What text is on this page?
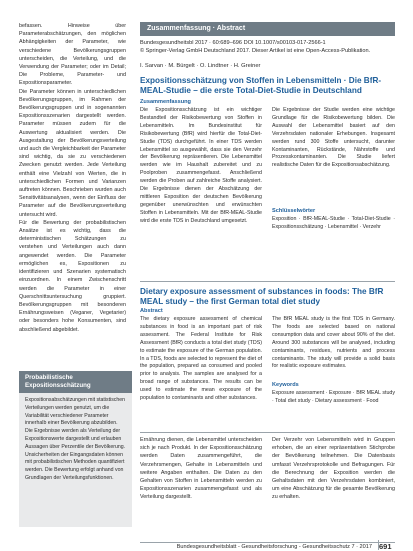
befassen. Hinweise über Parameterabschätzungen, den möglichen Abhängigkeiten der Parameter, wie verschiedene Bevölkerungsgruppen unterscheiden, die Verteilung, und die Verwendung der Parameter; oder im Detail; Die Probleme, Parameter- und Expositionsparameter.

Die Parameter können in unterschiedlichen Bevölkerungsgruppen, im Rahmen der Bevölkerungsgruppen und in sogenannten Expositionsszenarien dargestellt werden. Parameter müssen zudem für die Auswertung aktualisiert werden. Die Ausgestaltung der Bevölkerungsverteilung und auch die Vergleichbarkeit der Parameter sind wichtig, da sie zu verschiedenen Zwecken genutzt werden. Jede Verteilung enthält eine Vielzahl von Werten, die in unterschiedlichen Formen und Varianzen auftreten können. Beschrieben wurden auch Sensitivitätsanalysen, wenn der Einfluss der Parameter auf die Bevölkerungsverteilung untersucht wird.

Für die Bewertung der probabilistischen Ansätze ist es wichtig, dass die deterministischen Schätzungen zu verstehen und Verteilungen auch dann angewendet werden. Die Parameter ermöglichen es, Expositionen zu identifizieren und Szenarien systematisch einzuordnen. In einem Zwischenschritt werden die Parameter in einer Querschnittsuntersuchung gruppiert. Bevölkerungsgruppen mit besonderen Ernährungsweisen (Veganer, Vegetarier) oder besonders hohe Konsumenten, sind abschließend abgebildet.

Probabilistische Expositionsschätzung
Expositionsabschätzungen mit statistischen Verteilungen werden genutzt, um die Variabilität verschiedener Parameter innerhalb einer Bevölkerung abzubilden. Die Ergebnisse werden als Verteilung der Expositionswerte dargestellt und erlauben Aussagen über Perzentile der Bevölkerung. Unsicherheiten der Eingangsdaten können mit probabilistischen Methoden quantifiziert werden. Die Bewertung erfolgt anhand von Grundlagen der Verteilungsfunktionen.
Zusammenfassung · Abstract
Bundesgesundheitsbl 2017 · 60:689–696 DOI 10.1007/s00103-017-2566-1
© Springer-Verlag GmbH Deutschland 2017. Dieser Artikel ist eine Open-Access-Publikation.
I. Sarvan · M. Bürgelt · O. Lindtner · H. Greiner
Expositionsschätzung von Stoffen in Lebensmitteln · Die BfR-MEAL-Studie – die erste Total-Diet-Studie in Deutschland
Zusammenfassung
Die Expositionsschätzung ist ein wichtiger Bestandteil der Risikobewertung von Stoffen in Lebensmitteln. Im Bundesinstitut für Risikobewertung (BfR) wird hierfür die Total-Diet-Studie (TDS) durchgeführt. In einer TDS werden Lebensmittel so ausgewählt, dass sie den Verzehr der Bevölkerung repräsentieren. Die Lebensmittel werden wie im Haushalt zubereitet und zu Poolproben zusammengefasst. Anschließend werden die Proben auf zahlreiche Stoffe analysiert. Die Ergebnisse dienen der Abschätzung der mittleren Exposition der deutschen Bevölkerung gegenüber unerwünschten und erwünschten Stoffen in Lebensmitteln. Mit der BfR-MEAL-Studie wird die erste TDS in Deutschland umgesetzt.
Die Ergebnisse der Studie werden eine wichtige Grundlage für die Risikobewertung bilden. Die Auswahl der Lebensmittel basiert auf den Verzehrsdaten nationaler Erhebungen. Insgesamt werden rund 300 Stoffe untersucht, darunter Kontaminanten, Rückstände, Nährstoffe und Prozesskontaminanten. Die Studie liefert realistische Daten für die Expositionsabschätzung.
Schlüsselwörter
Exposition · BfR-MEAL-Studie · Total-Diet-Studie · Expositionsschätzung · Lebensmittel · Verzehr
Dietary exposure assessment of substances in foods: The BfR MEAL study – the first German total diet study
Abstract
The dietary exposure assessment of chemical substances in food is an important part of risk assessment. The Federal Institute for Risk Assessment (BfR) conducts a total diet study (TDS) to estimate the exposure of the German population. In a TDS, foods are selected to represent the diet of the population, prepared as consumed and pooled prior to analysis. The samples are analysed for a broad range of substances. The results can be used to estimate the mean exposure of the population to contaminants and other substances.
The BfR MEAL study is the first TDS in Germany. The foods are selected based on national consumption data and cover about 90% of the diet. Around 300 substances will be analysed, including contaminants, residues, nutrients and process contaminants. The study will provide a solid basis for realistic exposure estimates.
Keywords
Exposure assessment · Exposure · BfR MEAL study · Total diet study · Dietary assessment · Food
Ernährung dienen, die Lebensmittel unterscheiden sich je nach Produkt. In der Expositionsschätzung werden Daten zusammengeführt, die Verzehrsmengen, Gehalte in Lebensmitteln und weitere Angaben enthalten. Die Daten zu den Gehalten von Stoffen in Lebensmitteln werden zu Expositionsszenarien zusammengefasst und als Verteilung dargestellt.
Der Verzehr von Lebensmitteln wird in Gruppen erhoben, die an einer repräsentativen Stichprobe der Bevölkerung teilnehmen. Die Datenbasis umfasst Verzehrsprotokolle und Befragungen. Für die Berechnung der Exposition werden die Gehaltsdaten mit den Verzehrsdaten kombiniert, um eine Abschätzung für die gesamte Bevölkerung zu erhalten.
Bundesgesundheitsblatt - Gesundheitsforschung - Gesundheitsschutz 7 · 2017 691
